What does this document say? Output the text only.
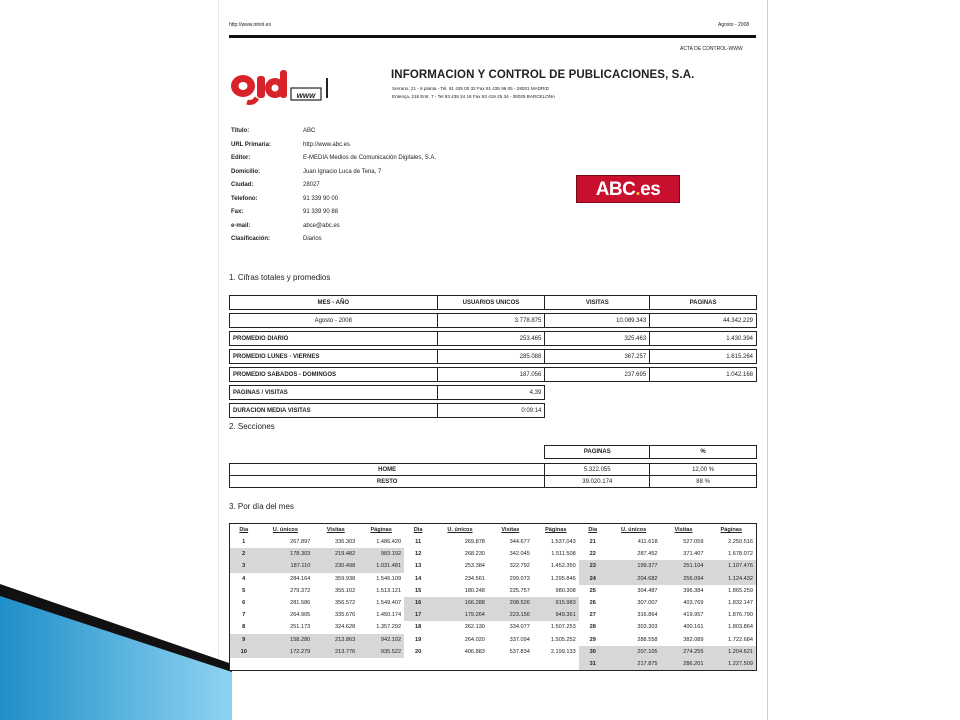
http://www.introl.es	Agosto - 2008
ACTA DE CONTROL-WWW
www
INFORMACION Y CONTROL DE PUBLICACIONES, S.A.
Serrano, 21 - 6 planta - Tel. 91 435 00 32 Fax 91 435 96 05 - 28001 MADRID
Entença, 218 Entr. 7 - Tel 93 439 24 18 Fax 93 419 25 34 - 08029 BARCELONA
Titulo:	ABC
URL Primaria:	http://www.abc.es
Editor:	E-MEDIA Medios de Comunicación Digitales, S.A.
Domicilio:	Juan Ignacio Luca de Tena, 7
Ciudad:	28027
Telefono:	91 339 90 00
Fax:	91 339 90 88
e-mail:	abce@abc.es
Clasificación:	Diarios
ABC.es
1. Cifras totales y promedios
MES - AÑO	USUARIOS UNICOS	VISITAS	PAGINAS

Agosto - 2008	3.778.875	10.089.343	44.342.229

PROMEDIO DIARIO	253.465	325.463	1.430.394

PROMEDIO LUNES - VIERNES	285.088	367.257	1.615.264

PROMEDIO SABADOS - DOMINGOS	187.056	237.695	1.042.168

PAGINAS / VISITAS	4,39		

DURACION MEDIA VISITAS	0:09:14		
2. Secciones
	PAGINAS	%

HOME	5.322.055	12,00 %
RESTO	39.020.174	88 %
3. Por día del mes
Dia	U. únicos	Visitas	Páginas	Dia	U. únicos	Visitas	Páginas	Dia	U. únicos	Visitas	Páginas
1	267.897	336.303	1.486.420	11	269.878	344.677	1.537.043	21	411.618	527.059	2.250.516
2	178.303	219.482	983.192	12	268.230	342.045	1.511.508	22	287.452	371.407	1.678.072
3	187.110	230.498	1.031.481	13	253.384	322.792	1.452.350	23	199.377	251.104	1.107.476
4	284.164	359.938	1.546.109	14	234.561	299.073	1.295.846	24	204.682	256.094	1.124.432
5	279.372	355.102	1.513.121	15	180.248	225.757	980.308	25	304.487	396.384	1.865.259
6	281.586	356.572	1.549.407	16	166.288	208.526	915.983	26	307.007	403.769	1.832.147
7	264.905	335.676	1.450.174	17	179.264	223.156	949.361	27	316.864	419.957	1.876.790
8	251.173	324.628	1.357.292	18	262.130	334.077	1.507.253	28	303.303	400.161	1.803.864
9	158.280	213.863	942.102	19	264.020	337.094	1.505.252	29	288.558	382.089	1.722.684
10	172.279	213.776	935.522	20	406.883	537.834	2.199.133	30	207.105	274.255	1.204.621
								31	217.875	286.201	1.227.509
